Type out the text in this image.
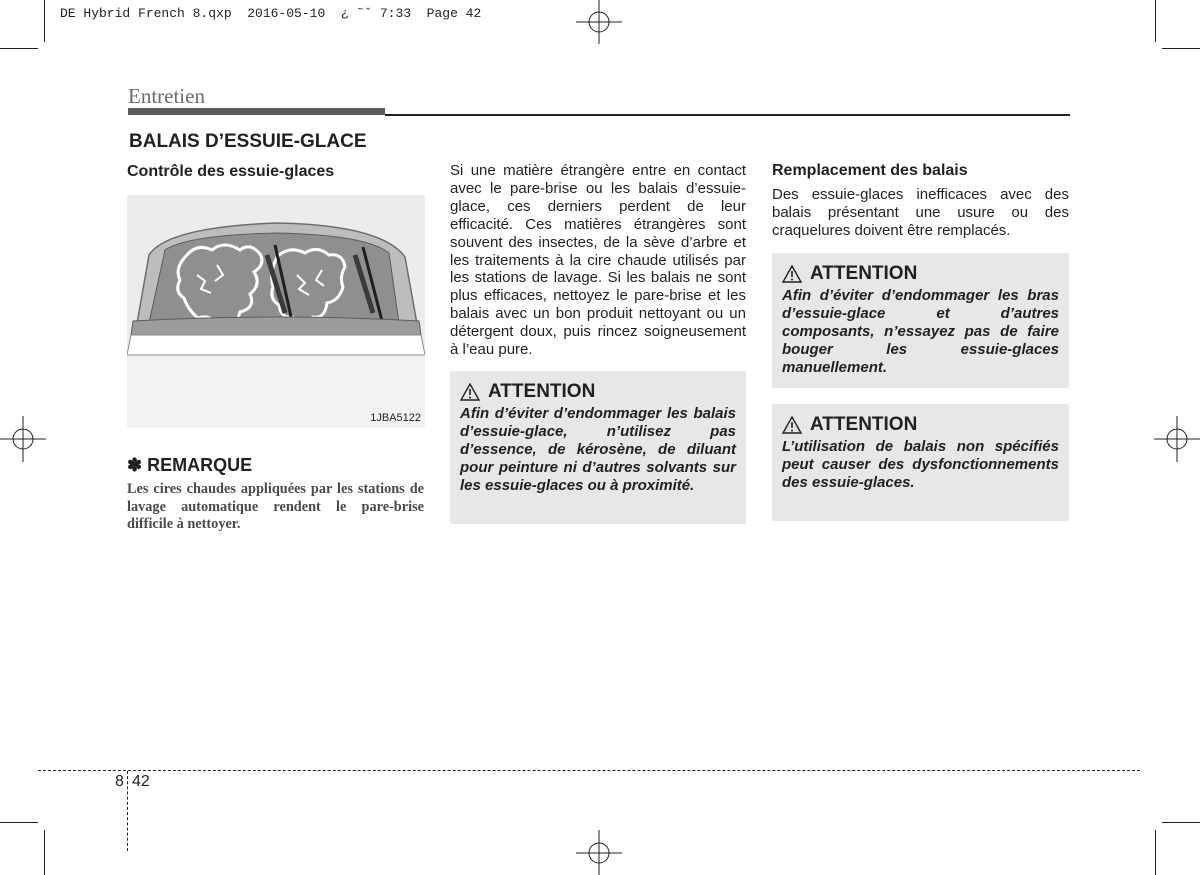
DE Hybrid French 8.qxp  2016-05-10  ¿ ˜ˇ 7:33  Page 42
Entretien
BALAIS D’ESSUIE-GLACE
Contrôle des essuie-glaces
1JBA5122
✽ REMARQUE
Les cires chaudes appliquées par les stations de lavage automatique rendent le pare-brise difficile à nettoyer.
Si une matière étrangère entre en contact avec le pare-brise ou les balais d’essuie-glace, ces derniers perdent de leur efficacité. Ces matières étrangères sont souvent des insectes, de la sève d’arbre et les traitements à la cire chaude utilisés par les stations de lavage. Si les balais ne sont plus efficaces, nettoyez le pare-brise et les balais avec un bon produit nettoyant ou un détergent doux, puis rincez soigneusement à l’eau pure.
ATTENTION
Afin d’éviter d’endommager les balais d’essuie-glace, n’utilisez pas d’essence, de kérosène, de diluant pour peinture ni d’autres solvants sur les essuie-glaces ou à proximité.
Remplacement des balais
Des essuie-glaces inefficaces avec des balais présentant une usure ou des craquelures doivent être remplacés.
ATTENTION
Afin d’éviter d’endommager les bras d’essuie-glace et d’autres composants, n’essayez pas de faire bouger les essuie-glaces manuellement.
ATTENTION
L’utilisation de balais non spécifiés peut causer des dysfonctionnements des essuie-glaces.
8 42
